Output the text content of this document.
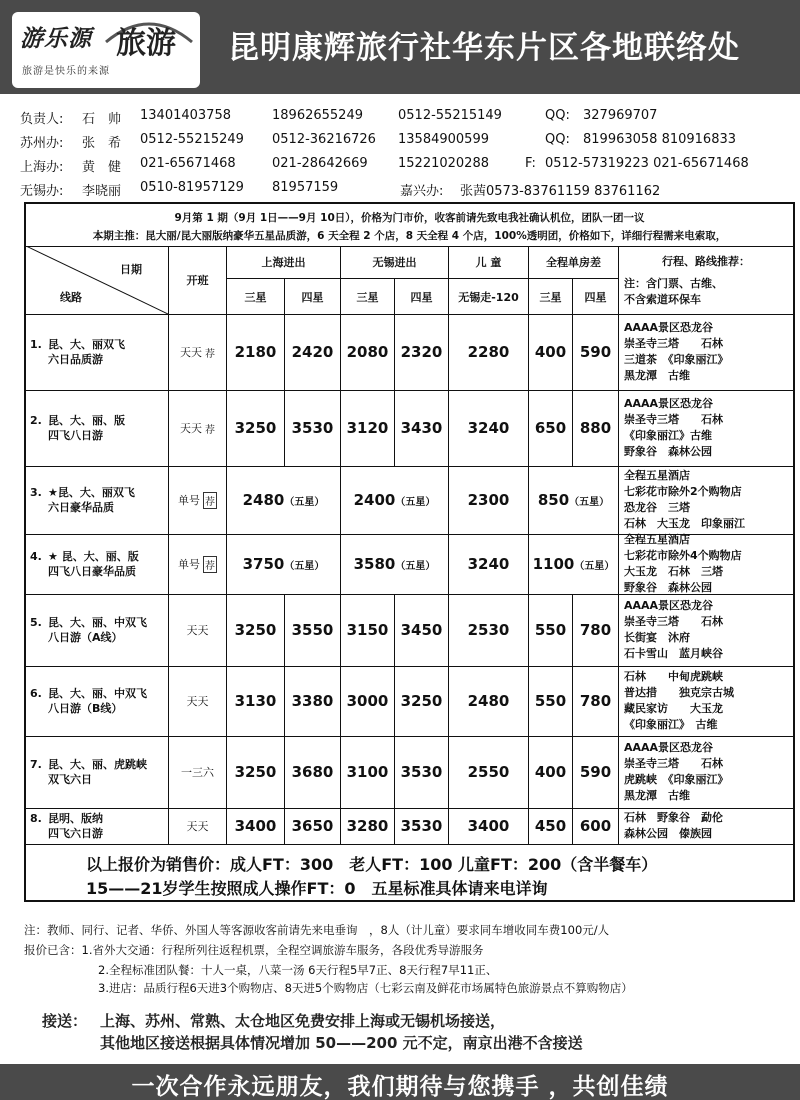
游乐源 旅游
旅游是快乐的来源
昆明康辉旅行社华东片区各地联络处
负责人: 石　帅 13401403758	18962655249	0512-55215149	QQ: 327969707
苏州办: 张　希 0512-55215249 0512-36216726 13584900599	QQ: 819963058 810916833
上海办: 黄　健 021-65671468	021-28642669 15221020288	F: 0512-57319223 021-65671468
无锡办: 李晓丽 0510-81957129 81957159	嘉兴办: 张茜0573-83761159 83761162
9月第 1 期（9月 1日——9月 10日），价格为门市价，收客前请先致电我社确认机位，团队一团一议
本期主推：昆大丽/昆大丽版纳豪华五星品质游，6 天全程 2 个店，8 天全程 4 个店，100%透明团，价格如下，详细行程需来电索取，
日期
线路
开班
上海进出	无锡进出	儿 童	全程单房差	行程、路线推荐：
三星	四星	三星	四星	无锡走-120	三星	四星
注：含门票、古维、
不含索道环保车
1. 昆、大、丽双飞
六日品质游
天天 荐	2180	2420 2080 2320	2280	400 590
AAAA景区恐龙谷
崇圣寺三塔　　石林
三道茶　《印象丽江》
黑龙潭　古维
2. 昆、大、丽、版
四飞八日游
天天 荐	3250	3530 3120 3430	3240	650 880
AAAA景区恐龙谷
崇圣寺三塔　　石林
《印象丽江》古维
野象谷　森林公园
3. ★昆、大、丽双飞
六日豪华品质
单号 荐 2480 （五星） 2400 （五星） 2300 850 （五星）
全程五星酒店
七彩花市除外2个购物店
恐龙谷　三塔
石林　大玉龙　印象丽江
4. ★ 昆、大、丽、版
四飞八日豪华品质
单号 荐 3750 （五星） 3580 （五星） 3240 1100 （五星）
全程五星酒店
七彩花市除外4个购物店
大玉龙　石林　三塔
野象谷　森林公园
5. 昆、大、丽、中双飞
八日游（A线）
天天	3250	3550 3150 3450	2530	550 780
AAAA景区恐龙谷
崇圣寺三塔　　石林
长街宴　沐府
石卡雪山　蓝月峡谷
6. 昆、大、丽、中双飞
八日游（B线）
天天	3130	3380 3000 3250	2480	550 780
石林　　中甸虎跳峡
普达措　　独克宗古城
藏民家访　　大玉龙
《印象丽江》　古维
7. 昆、大、丽、虎跳峡
双飞六日
一三六	3250	3680 3100 3530	2550	400 590
AAAA景区恐龙谷
崇圣寺三塔　　石林
虎跳峡　《印象丽江》
黑龙潭　古维
8. 昆明、版纳
四飞六日游
天天	3400	3650 3280 3530	3400	450 600	石林　野象谷　勐伦
森林公园　傣族园
以上报价为销售价：成人FT：300　老人FT：100 儿童FT：200（含半餐车）
15——21岁学生按照成人操作FT：0　五星标准具体请来电详询
注：教师、同行、记者、华侨、外国人等客源收客前请先来电垂询　，8人（计儿童）要求同车增收同车费100元/人
报价已含：1.省外大交通：行程所列往返程机票，全程空调旅游车服务，各段优秀导游服务
2.全程标准团队餐：十人一桌，八菜一汤 6天行程5早7正、8天行程7早11正、
3.进店：品质行程6天进3个购物店、8天进5个购物店（七彩云南及鲜花市场属特色旅游景点不算购物店）
接送： 上海、苏州、常熟、太仓地区免费安排上海或无锡机场接送，
其他地区接送根据具体情况增加 50——200 元不定，南京出港不含接送
一次合作永远朋友，我们期待与您携手 ，共创佳绩
